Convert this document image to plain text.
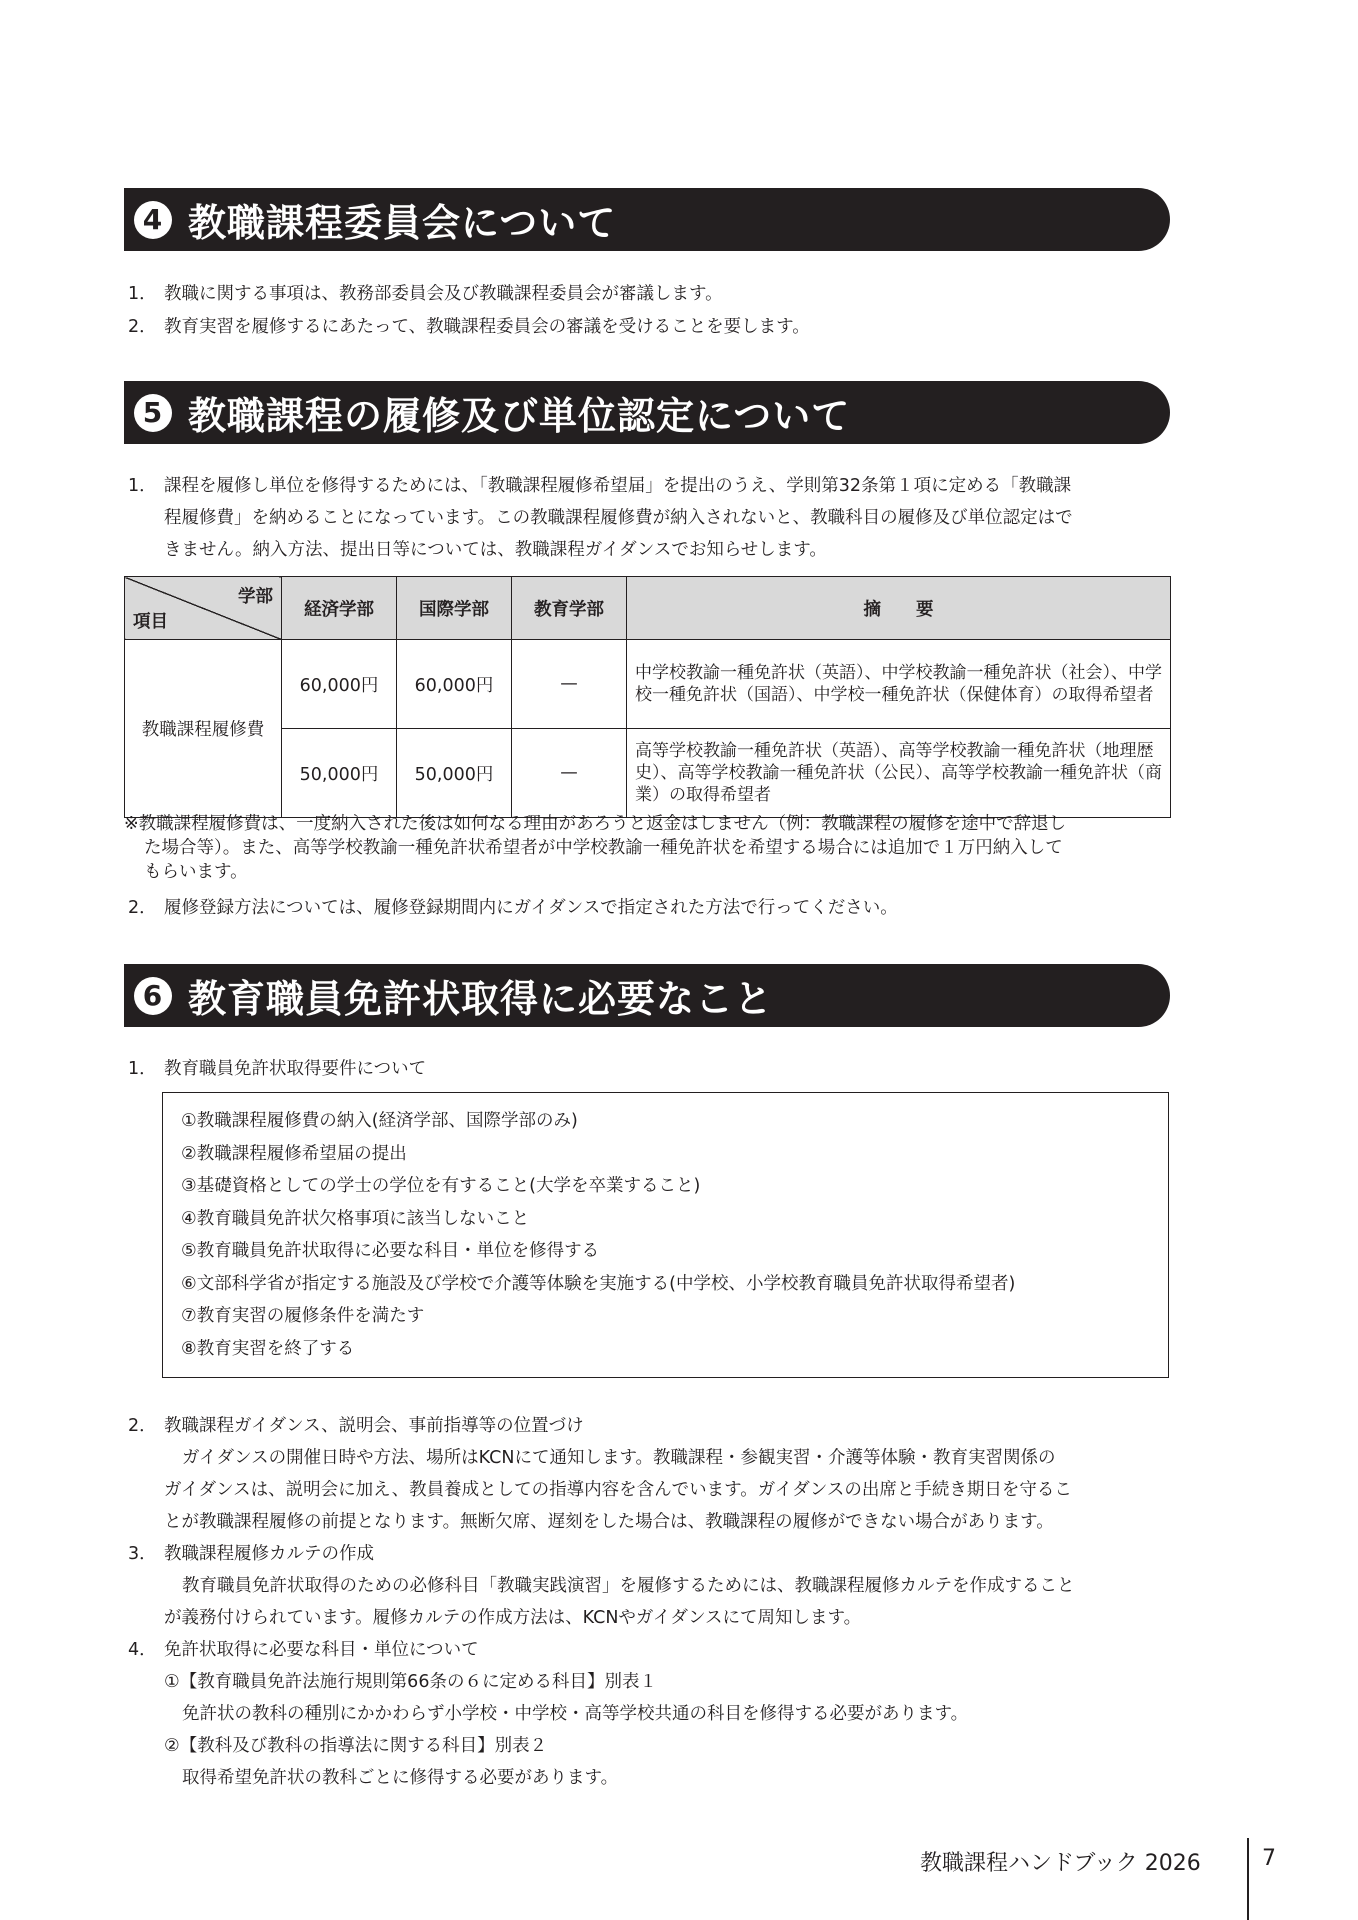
4 教職課程委員会について
1． 教職に関する事項は、教務部委員会及び教職課程委員会が審議します。
2． 教育実習を履修するにあたって、教職課程委員会の審議を受けることを要します。
5 教職課程の履修及び単位認定について
1． 課程を履修し単位を修得するためには、「教職課程履修希望届」を提出のうえ、学則第32条第１項に定める「教職課
程履修費」を納めることになっています。この教職課程履修費が納入されないと、教職科目の履修及び単位認定はで
きません。納入方法、提出日等については、教職課程ガイダンスでお知らせします。
学部
項目	経済学部	国際学部	教育学部	摘　　要
教職課程履修費	60,000円	60,000円	—	中学校教諭一種免許状（英語）、中学校教諭一種免許状（社会）、中学校一種免許状（国語）、中学校一種免許状（保健体育）の取得希望者
	50,000円	50,000円	—	高等学校教諭一種免許状（英語）、高等学校教諭一種免許状（地理歴史）、高等学校教諭一種免許状（公民）、高等学校教諭一種免許状（商業）の取得希望者
※教職課程履修費は、一度納入された後は如何なる理由があろうと返金はしません（例：教職課程の履修を途中で辞退し
た場合等）。また、高等学校教諭一種免許状希望者が中学校教諭一種免許状を希望する場合には追加で１万円納入して
もらいます。
2． 履修登録方法については、履修登録期間内にガイダンスで指定された方法で行ってください。
6 教育職員免許状取得に必要なこと
1． 教育職員免許状取得要件について
①教職課程履修費の納入(経済学部、国際学部のみ)
②教職課程履修希望届の提出
③基礎資格としての学士の学位を有すること(大学を卒業すること)
④教育職員免許状欠格事項に該当しないこと
⑤教育職員免許状取得に必要な科目・単位を修得する
⑥文部科学省が指定する施設及び学校で介護等体験を実施する(中学校、小学校教育職員免許状取得希望者)
⑦教育実習の履修条件を満たす
⑧教育実習を終了する
2． 教職課程ガイダンス、説明会、事前指導等の位置づけ
ガイダンスの開催日時や方法、場所はKCNにて通知します。教職課程・参観実習・介護等体験・教育実習関係の
ガイダンスは、説明会に加え、教員養成としての指導内容を含んでいます。ガイダンスの出席と手続き期日を守るこ
とが教職課程履修の前提となります。無断欠席、遅刻をした場合は、教職課程の履修ができない場合があります。
3． 教職課程履修カルテの作成
教育職員免許状取得のための必修科目「教職実践演習」を履修するためには、教職課程履修カルテを作成すること
が義務付けられています。履修カルテの作成方法は、KCNやガイダンスにて周知します。
4． 免許状取得に必要な科目・単位について
①【教育職員免許法施行規則第66条の６に定める科目】別表１
免許状の教科の種別にかかわらず小学校・中学校・高等学校共通の科目を修得する必要があります。
②【教科及び教科の指導法に関する科目】別表２
取得希望免許状の教科ごとに修得する必要があります。
教職課程ハンドブック 2026	7
